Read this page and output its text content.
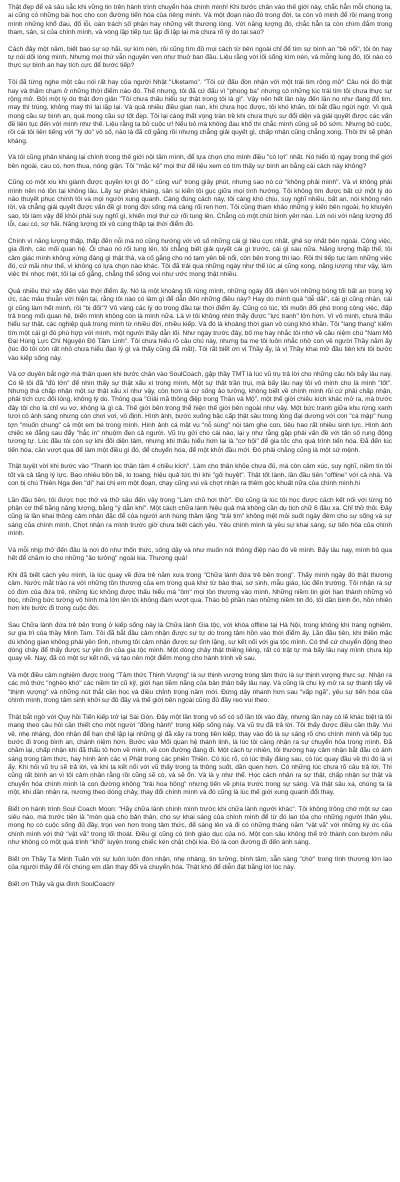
Thật đẹp để và sâu sắc khi vững tin trên hành trình chuyển hóa chính mình! Khi bước chân vào thế giới này, chắc hẳn mỗi chúng ta, ai cũng có những bài học cho con đường tiến hóa của riêng mình. Và một đoạn nào đó trong đời, ta còn vô minh để rồi mang trong mình những khổ đau, đổ lỗi, oán trách số phận hay những vết thương lòng. Với năng lượng đó, chắc hẳn ta còn chìm đắm trong tham, sân, si của chính mình, và vòng lặp tiếp tục lặp đi lặp lại mà chưa rõ lý do tại sao?

Cách đây một năm, biết bao sự sợ hãi, sự kìm nén, rồi cũng tìm đủ mọi cách từ bên ngoài chỉ để tìm sự bình an "bề nổi", tôi ôn hay tự nói dối lòng mình. Nhưng mọi thứ vẫn nguyên ven như thuở ban đầu. Liệu rằng với lối sống kìm nén, và mỗng lung đó, tôi nào có thực sự bình an hay tích cực để bước tiếp?

Tôi đã từng nghe một câu nói rất hay của người Nhật "Uketamo". "Tôi cứ đấu đòn nhận với một trái tim rộng mở" Câu nói đó thật hay và thấm chạm ở những thời điểm nào đó. Thế nhưng, tôi đã cứ đấu vì "phong ba" nhưng có những lúc trái tim tôi chưa thực sự rộng mở. Bởi một lý do thật đơn giản "Tôi chưa thấu hiểu sự thật trong tôi là gì". Vậy nên hết lần này đến lần no như đang đổ tim, may thì trúng, không may thì lại lặp lại. Và quả nhiều điều gian nan, khi chưa học được, tôi khó khăn, tôi bắt đầu ngừi ngờ. Vì quả mong cầu sự bình an, quá mong cầu sự tốt đẹp. Tôi lại càng thất vọng tràn trề khi chưa thực sự đổi diện và giải quyết được các vấn đề liên tục đến với mình như thế. Liệu rằng ta bỏ cuộc ư! Nếu bỏ mà không đau khổ thì chắc mình cũng sẽ bỏ sớm. Nhưng bỏ cuộc, rồi cái tôi liên tiếng với "lý do" vô số, nào là đã cố gắng rồi nhưng chẳng giải quyết gì, chấp nhận cũng chẳng xong. Thôi thì sẽ phản kháng.

Và tôi cũng phản kháng lại chính trong thế giới nội tâm mình, để lựa chọn cho mình điều "có lợi" nhất. Nó hiển lộ ngay trong thế giới bên ngoài, cau có, hơn thua, nóng giận. Tôi "mặc kệ" mọi thứ để liệu xem có tìm thấy sự bình an bằng cái cách này không?

Cũng có một xíu khi giành được quyền lợi gì đó " cũng vui" trong giây phút, nhưng sao nó cứ "không phải mình". Và vì không phải mình nên nó tồn tại không lâu. Lấy sự phản kháng, sân si kiến tôi gục giữa mọi tình hướng. Tôi không tìm được bất cứ một lý do nào thuyết phục chính tôi và mọi người xung quanh. Càng đúng cách này, tôi càng khó chịu, suy nghĩ nhiều, bất an, nói không nên lời, và chẳng giải quyết được vấn đề gì trong đời sống mà càng rối ren hơn. Tôi cũng tham khảo những ý kiến bên ngoài, họ khuyên sao, tôi làm vậy để khỏi phải suy nghĩ gì, khiến mọi thứ cứ rối tung lên. Chẳng có một chút bình yên nào. Lời nói với năng lượng đổ lỗi, cau có, sợ hãi. Năng lượng tôi vô cùng thấp tại thời điểm đó.

Chính vì năng lượng thấp, thấp đến nỗi mà nó cũng hướng với vô số những cái gì tiêu cực nhất, ghê sợ nhất bên ngoài. Công việc, gia đình, các mối quan hệ. Ôi chao nó rối tung lên, tôi chẳng biết giải quyết cái gì trước, cái gì sau nữa. Năng lượng thấp thế, tôi cảm giác mình không xứng đáng gì thật thà, và cố gắng cho nó tạm yên bề nổi, còn bên trong thì lao. Rồi thì tiếp tục làm những việc đó, cứ mãi như thế, vì không có lựa chọn nào khác. Tôi đã trải qua những ngày như thế lúc ai cũng xong, năng lượng như vậy, làm việc thì nhọc mệt, tôi lại cố gắng, chẳng thể sống vui như ước mong thật nhiều.

Quả nhiều thứ xảy đến vào thời điểm ấy. Nó là một khoảng tối rùng mình, những ngày đối diện với những bóng tối bất an trong ký ức, các mâu thuẫn với hiện tại, rằng tôi nào có làm gì để dẫn đến những điều này? Hay do mình quá "dễ dãi", cái gì cũng nhận, cái gì cũng làm hết mình, rồi "bị đối"? Vô vàng các lý do trong đầu tại thời điểm ấy. Cũng có lúc, tôi muốn đổi phó trong công việc, đấp trả trong mối quan hệ, biến mình không còn là mình nữa. Là vì tôi không nhìn thấy được "lực tranh" lớn hơn. Vì vô minh, chưa thấu hiểu sự thật, các nghiệp quả trong mình từ nhiều đời, nhiều kiếp. Và đó là khoảng thời gian vô cùng khó khăn. Tôi "lang thang" kiếm tìm một cái gì đó phù hợp với mình, một người thầy dẫn lối. Như ngày trước đây, bố mẹ hay nhắc tôi nhớ về câu niệm chú "Nam Mô Đại Hùng Lực Chí Nguyện Độ Tâm Linh". Tôi chưa hiểu rõ câu chú này, nhưng ba mẹ tôi luôn nhắc nhở con về người Thầy năm ấy (lúc đó tôi còn rất nhỏ chưa hiểu đạo lý gì và thấy cũng đã mất). Tôi rất biết ơn vị Thầy ấy, là vị Thầy khai mở đầu tiên khi tôi bước vào kiếp sống này.

Và cơ duyên bắt ngờ mà thân quen khi bước chân vào SoulCoach, gặp thầy TMT là lúc vũ trụ trả lời cho những câu hỏi bấy lâu nay. Có lẽ tôi đã "đủ lớn" để nhìn thấy sự thật xấu xí trong mình, Một sự thật trần trụi, mà bấy lâu nay tôi vô minh cho là mình "tốt". Nhưng thà chấp nhận một sự thật xấu xí như vậy, còn hơn là cứ sống ảo tưởng, không biết về chính mình rồi cứ phải chấp nhận, phải tích cực đối lòng, không lý do. Thông qua "Giải mã thông điệp trong Thân và Mộ", một thế giới chiêu kích khác mở ra, mà trước đây tôi cho là chỉ vu vơ, không là gì cả. Thế giới bên trong thể hiện thế giới bên ngoài như vậy. Một bức tranh giữa khu rừng xanh tươi có ánh sáng nhưng còn chơi vơi, vô định. Hình ảnh, bước xuống bậc cấp thật sâu trong lòng đại dương với con "cá mập" hung tợn "muốn chung" cá một em bé trong mình. Hình ảnh cá mật vụ "nỗ sùng" nói tám ghe con, tiêu hao rất nhiều sinh lực. Hình ảnh chiếc xe đắng sau đẩy "hắc ín" nhuộm đen cả người. Vũ trụ gửi cho cái nào, lại y như rằng gặp phải vấn đề với tấn số rung động tương tự. Lúc đầu tôi còn sợ khi đối diện tâm, nhưng khi thấu hiểu hơn lại là "cơ hội" để gia tốc cho quá trình tiến hóa. Đã đến lúc tiến hóa, cần vượt qua để làm một điều gì đó, để chuyển hóa, để một khởi đầu mới. Đó phải chăng cũng là một sứ mệnh.

Thật tuyệt vời khi bước vào "Thanh lọc thân tâm 4 chiều kích". Làm cho thân khỏe chưa đủ, mà còn cảm xúc, suy nghĩ, niềm tin tôi tốt và cả tăng lý lực. Bao nhiêu bồn bề, lo toang, hiệu quả tức thì khi "gỡ huyệt". Thật tốt lành, lần đầu tiên "offline" với cả nhà. Và con bị chú Thiên Nga đen "dí" hai chị em một đoạn, chạy cũng vui và chợt nhận ra thêm góc khuất nữa của chính mình.hi

Lần đầu tiên, tôi được học thở và thở sâu đến vậy trong "Làm chủ hơi thở". Đó cũng là lúc tôi học được cách kết nối với từng bộ phận cơ thể bằng năng lượng, bằng "ý dẫn khí". Một cách chữa lành hiệu quả mà không cần dụ tích chữ 6 đâu xa. Chỉ thở thôi. Đây cũng là lần khai thông cảm nhận đặc để của người anh hùng thầm lặng "trái tim" không mệt mỏi suốt ngày đêm cho sự sống và sự sáng của chính mình. Chợt nhận ra mình trước giờ chưa biết cách yêu. Yêu chính mình là yêu sự khai sáng, sự tiến hóa của chính mình.

Và mỗi nhịp thở đến đâu là nơi đó như thổn thức, sống dậy và như muốn nói thông điệp nào đó về mình. Bấy lâu nay, mình bỏ qua hết để chăm lo cho những "ảo tưởng" ngoài kia. Thương quá!

Khi đã biết cách yêu mình, là lúc quay về đứa trẻ năm xưa trong "Chữa lành đứa trẻ bên trong". Thấy mình ngày đó thật thương cảm. Nước mắt trào ra với những tồn thương của em trong quá khứ từ bào thai, sơ sinh, mẫu giáo, lúc đến trường. Tôi nhận ra sự có đơn của đứa trẻ, những lúc không được thấu hiểu mà "ôm" mọi tồn thương vào mình. Những niềm tin giới hạn thành những vỏ bọc, những bức tường vô hình mà lớn lên tôi không đám vượt qua. Tháo bỏ phần nào những niềm tin đó, tôi dần bình ổn, hồn nhiên hơn khi bước đi trong cuộc đời.

Sau Chữa lành đứa trẻ bên trong ở kiếp sống này là Chữa lành Gia tộc, với khóa offline tại Hà Nội, trong không khí trang nghiêm, sự gia trì của thầy Minh Tam. Tôi đã bắt đầu cảm nhận được sự tự do trong tâm hồn vào thời điểm ấy. Lần đầu tiên, khi thiền mặc dù không gian không phải yên tĩnh, nhưng tôi cảm nhận được sự tĩnh lặng, sự kết nối với gia tộc mình. Có thể cứ chuyển động theo dòng chảy để thấy được sự yên ổn của gia tộc mình. Một dòng chảy thật thiêng liêng, rất có trật tự mà bấy lâu nay mình chưa kịp quay về. Nay, đã có một sự kết nối, và tạo nên một điểm mong cho hành trình về sau.

Và một điều cảm nghiệm được trong "Tâm thức Thịnh Vượng" là sự thịnh vượng trong tâm thức là sự thịnh vượng thực sự. Nhận ra các mô thức "nghèo khó" các niềm tin cũ kỹ, giới hạn tiềm năng của bản thân bấy lâu nay. Và cũng là chu kỳ mở ra sự thanh tẩy về "thịnh vượng" và những nút thắt cần học và điều chỉnh trong năm mới. Đứng dậy nhanh hơn sau "vấp ngã", yêu sự tiến hóa của chính mình, trong tâm sinh khởi sự đủ đầy và thế giới bên ngoài cũng đủ đầy reo vui theo.

Thật bắt ngờ với Quy hồi Tiến kiếp trở lại Sài Gòn. Đây một lần trong vô số có số lần tôi vào đây, nhưng lần này có lẽ khác biệt là tôi mang theo câu hỏi cần thiết cho một người "đồng hành" trong kiếp sống này. Và vũ trụ đã trả lời. Tôi thấy được điều cần thấy. Vui vẻ, nhẹ nhàng, đón nhận để hạn chế lặp lại những gì đã xảy ra trong tiền kiếp, thay vào đó là sự sáng rõ cho chính mình và tiếp tục bước đi trong bình an, chánh niệm hơn. Bước vào Mối quan hệ thánh linh, là lúc tôi càng nhận ra sự chuyển hóa trong mình. Đã chăm lại, chấp nhận khi đã thấu tỏ hơn về mình, về con đường đang đi. Một cách tự nhiên, tôi thường hay cảm nhận bắt đầu có ánh sáng trong tâm thức, hay hình ảnh các vị Phật trong các phiên Thiền. Có lúc rõ, có lúc thấy đáng sau, có lúc quay đầu về thì đó là vị ấy. Khi hỏi vũ trụ sẽ trả lời, và khi ta kết nối với vũ thấy trong ta thông suốt, dần quen hơn. Có những lúc chưa rõ câu trả lời. Thì cũng rất bình an vì tôi cảm nhận rằng rồi cũng sẽ có, và sẽ ổn. Và là y như thế. Học cách nhận ra sự thật, chấp nhận sự thật và chuyển hóa chính mình là con đường không "trải hoa hồng" nhưng tiến về phía trước trong sự sáng. Và thật sâu xa, chúng ta là một, khi dần nhận ra, nương theo dòng chảy, thay đổi chính mình và đó cũng là lúc thế giới xung quanh đổi thay.

Biết ơn hành trình Soul Coach Moon: "Hãy chữa lành chính mình trước khi chữa lành người khác". Tôi không trông chờ một sự cao siêu nào, mà trước tiên là "món quà cho bản thân, cho sự khai sáng của chính mình để từ đó lan tỏa cho những người thân yêu, mong họ có cuộc sống đủ đầy, trọn ven hơn trong tâm thức, để sáng lên và đi có những tháng năm "vật vã" với những ký ức của chính mình với thử "vật vã" trong lối thoát. Điều gì cũng có tình giáo dục của nó. Một con sâu không thể trở thành con bướm nếu như không có một quá trình "khổ" luyện trong chiếc kén chật chội kia. Đó là con đường đi đến ánh sáng.

Biết ơn Thầy Tạ Minh Tuấn với sự luôn luôn đón nhận, nhẹ nhàng, tin tưởng, bình tâm, sẵn sàng "chờ" trong tình thương lớn lao của người thầy để rồi chúng em dần thay đổi và chuyển hóa. Thật khó để diễn đạt bằng lời lúc này.

Biết ơn Thầy và gia đình SoulCoach!
